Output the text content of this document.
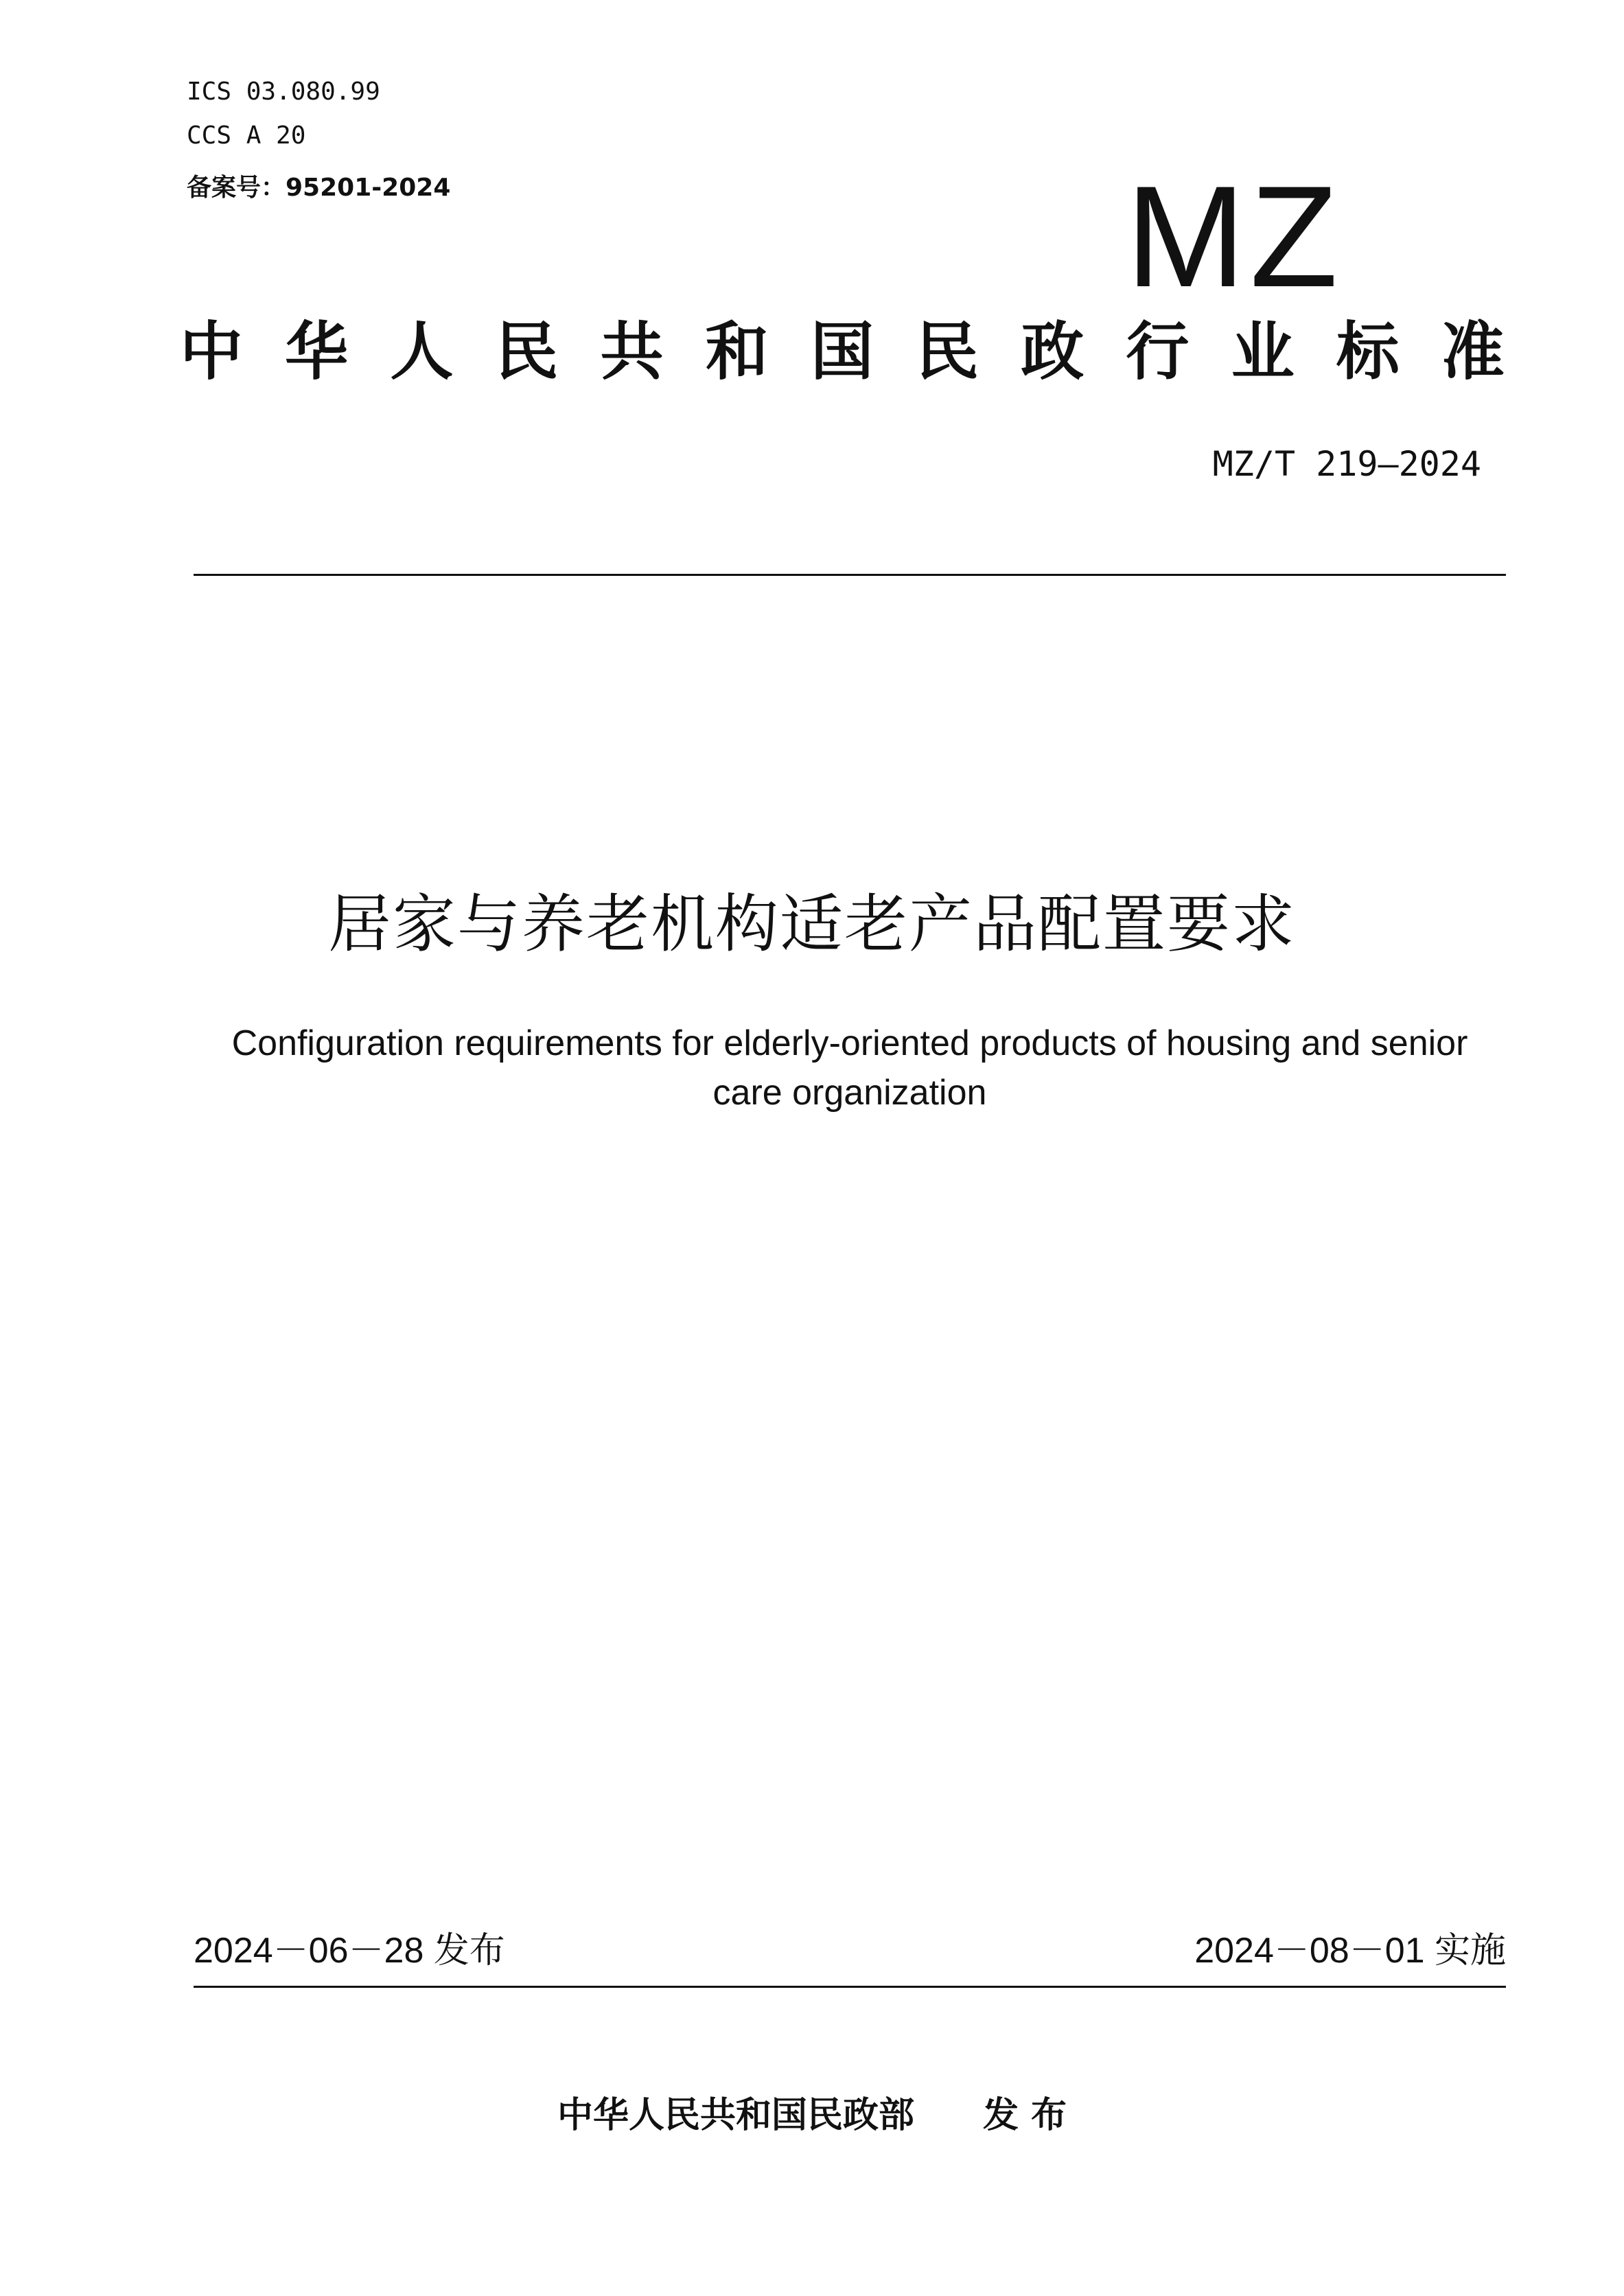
ICS 03.080.99
CCS A 20
备案号：95201-2024	MZ
中 华 人 民 共 和 国 民 政 行 业 标 准
MZ/T 219—2024
居家与养老机构适老产品配置要求
Configuration requirements for elderly-oriented products of housing and senior care organization
2024－06－28 发布	2024－08－01 实施
中华人民共和国民政部 发 布
